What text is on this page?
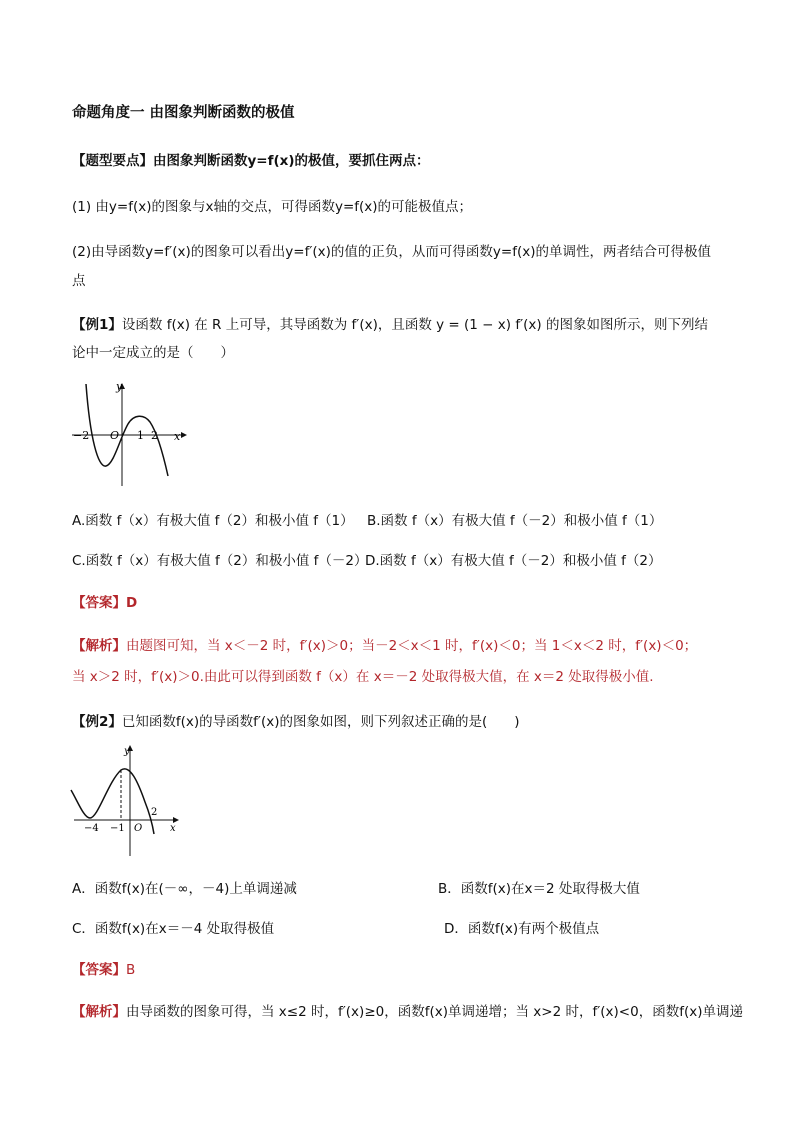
命题角度一 由图象判断函数的极值
【题型要点】由图象判断函数y=f(x)的极值，要抓住两点：
(1) 由y=f(x)的图象与x轴的交点，可得函数y=f(x)的可能极值点；
(2)由导函数y=f′(x)的图象可以看出y=f′(x)的值的正负，从而可得函数y=f(x)的单调性，两者结合可得极值
点
【例1】设函数 f(x) 在 R 上可导，其导函数为 f′(x)，且函数 y = (1 − x) f′(x) 的图象如图所示，则下列结
论中一定成立的是（　　）
y
x
−2 O 1 2
A.函数 f（x）有极大值 f（2）和极小值 f（1） B.函数 f（x）有极大值 f（－2）和极小值 f（1）
C.函数 f（x）有极大值 f（2）和极小值 f（－2）
D.函数 f（x）有极大值 f（－2）和极小值 f（2）
【答案】D
【解析】由题图可知，当 x＜－2 时，f′(x)＞0；当－2＜x＜1 时，f′(x)＜0；当 1＜x＜2 时，f′(x)＜0；
当 x＞2 时，f′(x)＞0.由此可以得到函数 f（x）在 x＝－2 处取得极大值，在 x＝2 处取得极小值.
【例2】已知函数f(x)的导函数f′(x)的图象如图，则下列叙述正确的是(　　)
y
x
−4 −1 O
2
A．函数f(x)在(－∞，－4)上单调递减	B．函数f(x)在x＝2 处取得极大值
C．函数f(x)在x＝－4 处取得极值	D．函数f(x)有两个极值点
【答案】B
【解析】由导函数的图象可得，当 x≤2 时，f′(x)≥0，函数f(x)单调递增；当 x>2 时，f′(x)<0，函数f(x)单调递
